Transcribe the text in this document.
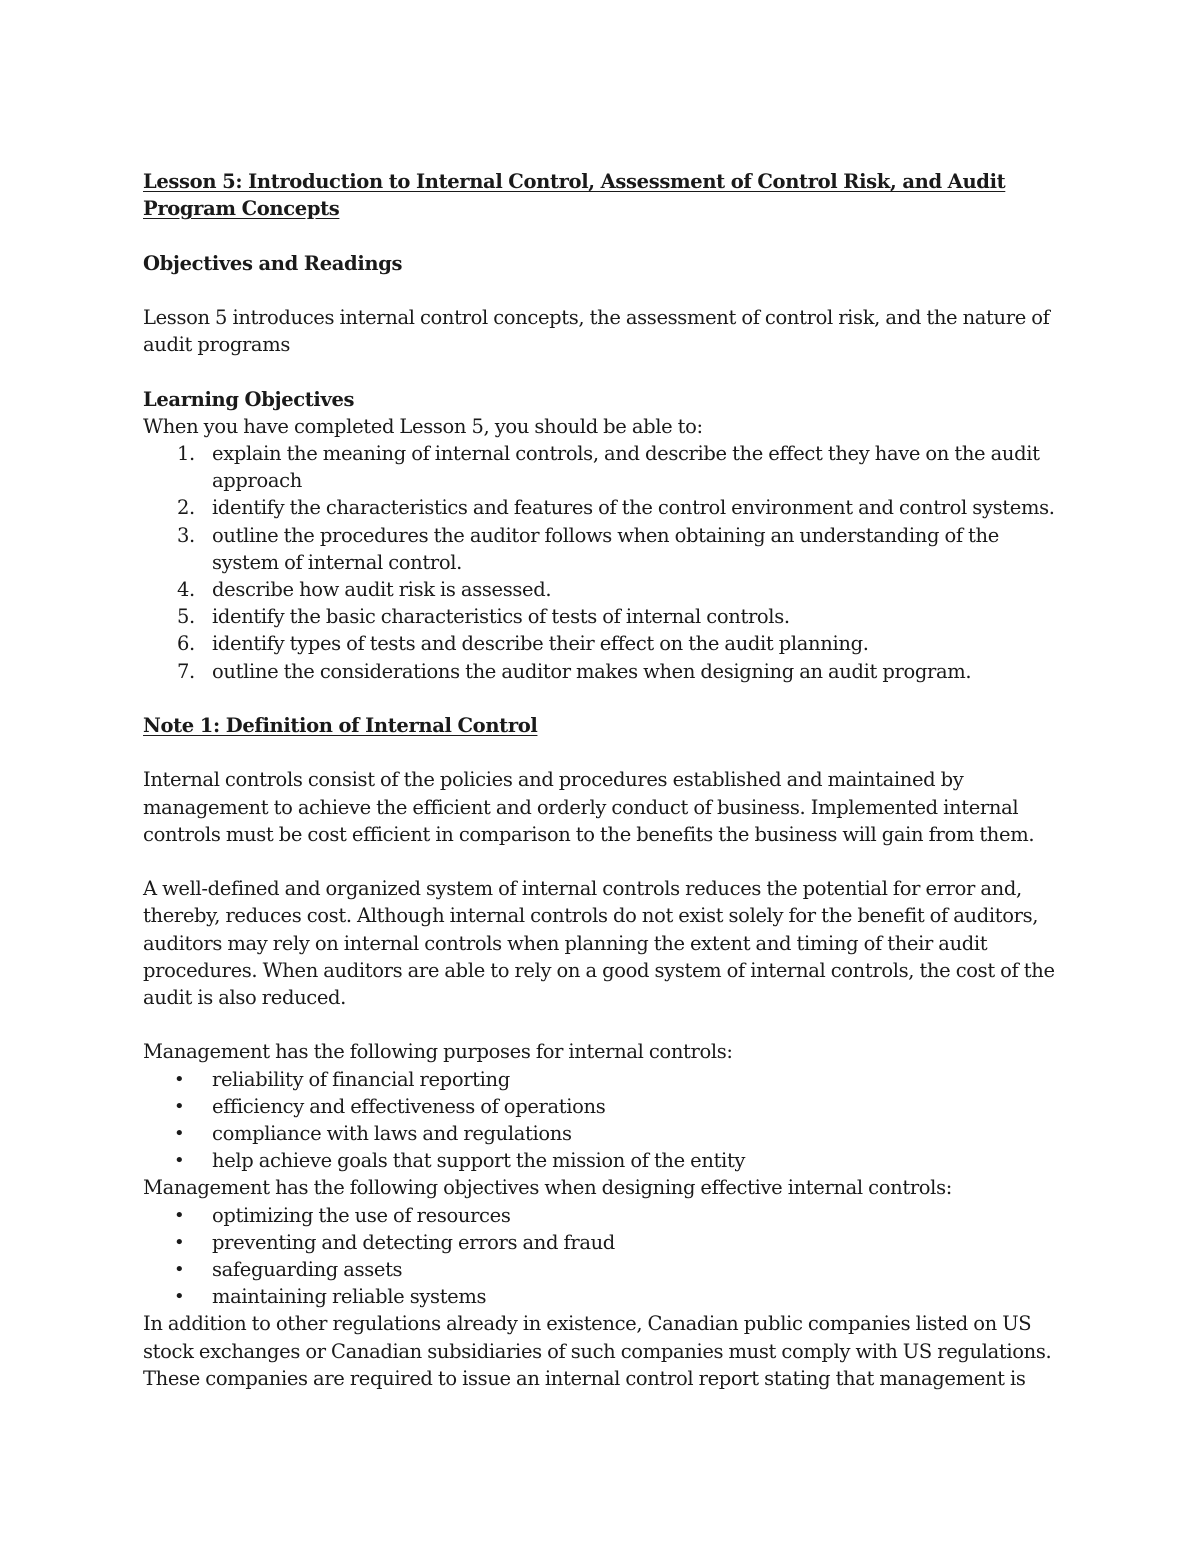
Lesson 5: Introduction to Internal Control, Assessment of Control Risk, and Audit Program Concepts

Objectives and Readings

Lesson 5 introduces internal control concepts, the assessment of control risk, and the nature of audit programs

Learning Objectives

When you have completed Lesson 5, you should be able to:

1. explain the meaning of internal controls, and describe the effect they have on the audit approach
2. identify the characteristics and features of the control environment and control systems.
3. outline the procedures the auditor follows when obtaining an understanding of the system of internal control.
4. describe how audit risk is assessed.
5. identify the basic characteristics of tests of internal controls.
6. identify types of tests and describe their effect on the audit planning.
7. outline the considerations the auditor makes when designing an audit program.

Note 1: Definition of Internal Control

Internal controls consist of the policies and procedures established and maintained by management to achieve the efficient and orderly conduct of business. Implemented internal controls must be cost efficient in comparison to the benefits the business will gain from them.

A well-defined and organized system of internal controls reduces the potential for error and, thereby, reduces cost. Although internal controls do not exist solely for the benefit of auditors, auditors may rely on internal controls when planning the extent and timing of their audit procedures. When auditors are able to rely on a good system of internal controls, the cost of the audit is also reduced.

Management has the following purposes for internal controls:

• reliability of financial reporting
• efficiency and effectiveness of operations
• compliance with laws and regulations
• help achieve goals that support the mission of the entity

Management has the following objectives when designing effective internal controls:

• optimizing the use of resources
• preventing and detecting errors and fraud
• safeguarding assets
• maintaining reliable systems

In addition to other regulations already in existence, Canadian public companies listed on US stock exchanges or Canadian subsidiaries of such companies must comply with US regulations. These companies are required to issue an internal control report stating that management is
